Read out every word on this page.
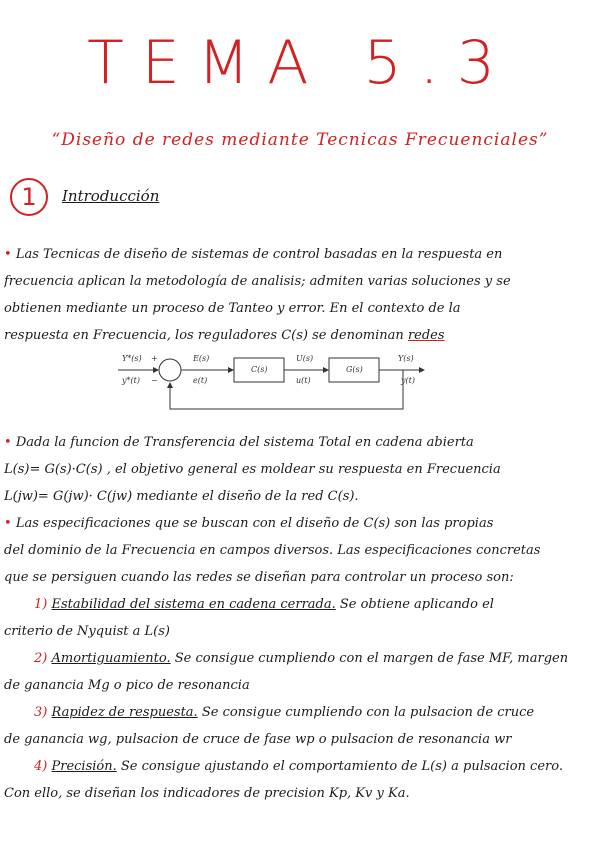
TEMA 5.3
“Diseño de redes mediante Tecnicas Frecuenciales”
1	Introducción

• Las Tecnicas de diseño de sistemas de control basadas en la respuesta en

frecuencia aplican la metodología de analisis; admiten varias soluciones y se

obtienen mediante un proceso de Tanteo y error. En el contexto de la

respuesta en Frecuencia, los reguladores C(s) se denominan redes

Y*(s)
y*(t)
+
−
E(s)
e(t)
C(s)
U(s)
u(t)
G(s)
Y(s)
y(t)

• Dada la funcion de Transferencia del sistema Total en cadena abierta

L(s)= G(s)·C(s) , el objetivo general es moldear su respuesta en Frecuencia

L(jw)= G(jw)· C(jw) mediante el diseño de la red C(s).

• Las especificaciones que se buscan con el diseño de C(s) son las propias

del dominio de la Frecuencia en campos diversos. Las especificaciones concretas

que se persiguen cuando las redes se diseñan para controlar un proceso son:

1) Estabilidad del sistema en cadena cerrada. Se obtiene aplicando el

criterio de Nyquist a L(s)

2) Amortiguamiento. Se consigue cumpliendo con el margen de fase MF, margen

de ganancia Mg o pico de resonancia

3) Rapidez de respuesta. Se consigue cumpliendo con la pulsacion de cruce

de ganancia wg, pulsacion de cruce de fase wp o pulsacion de resonancia wr

4) Precisión. Se consigue ajustando el comportamiento de L(s) a pulsacion cero.

Con ello, se diseñan los indicadores de precision Kp, Kv y Ka.
